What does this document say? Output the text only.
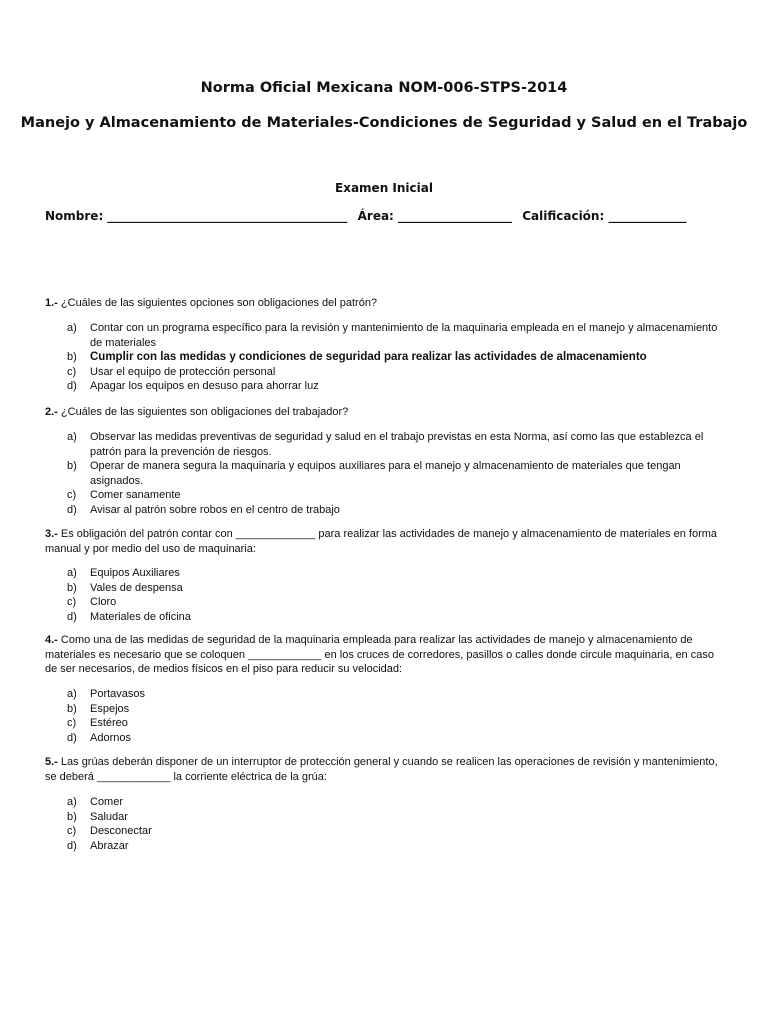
Norma Oficial Mexicana NOM-006-STPS-2014
Manejo y Almacenamiento de Materiales-Condiciones de Seguridad y Salud en el Trabajo
Examen Inicial
Nombre: ________________________________________ Área: ___________________ Calificación: _____________
1.- ¿Cuáles de las siguientes opciones son obligaciones del patrón?
a) Contar con un programa específico para la revisión y mantenimiento de la maquinaria empleada en el manejo y almacenamiento de materiales
b) Cumplir con las medidas y condiciones de seguridad para realizar las actividades de almacenamiento
c) Usar el equipo de protección personal
d) Apagar los equipos en desuso para ahorrar luz
2.- ¿Cuáles de las siguientes son obligaciones del trabajador?
a) Observar las medidas preventivas de seguridad y salud en el trabajo previstas en esta Norma, así como las que establezca el patrón para la prevención de riesgos.
b) Operar de manera segura la maquinaria y equipos auxiliares para el manejo y almacenamiento de materiales que tengan asignados.
c) Comer sanamente
d) Avisar al patrón sobre robos en el centro de trabajo
3.- Es obligación del patrón contar con _____________ para realizar las actividades de manejo y almacenamiento de materiales en forma manual y por medio del uso de maquinaria:
a) Equipos Auxiliares
b) Vales de despensa
c) Cloro
d) Materiales de oficina
4.- Como una de las medidas de seguridad de la maquinaria empleada para realizar las actividades de manejo y almacenamiento de materiales es necesario que se coloquen ____________ en los cruces de corredores, pasillos o calles donde circule maquinaria, en caso de ser necesarios, de medios físicos en el piso para reducir su velocidad:
a) Portavasos
b) Espejos
c) Estéreo
d) Adornos
5.- Las grúas deberán disponer de un interruptor de protección general y cuando se realicen las operaciones de revisión y mantenimiento, se deberá ____________ la corriente eléctrica de la grúa:
a) Comer
b) Saludar
c) Desconectar
d) Abrazar
